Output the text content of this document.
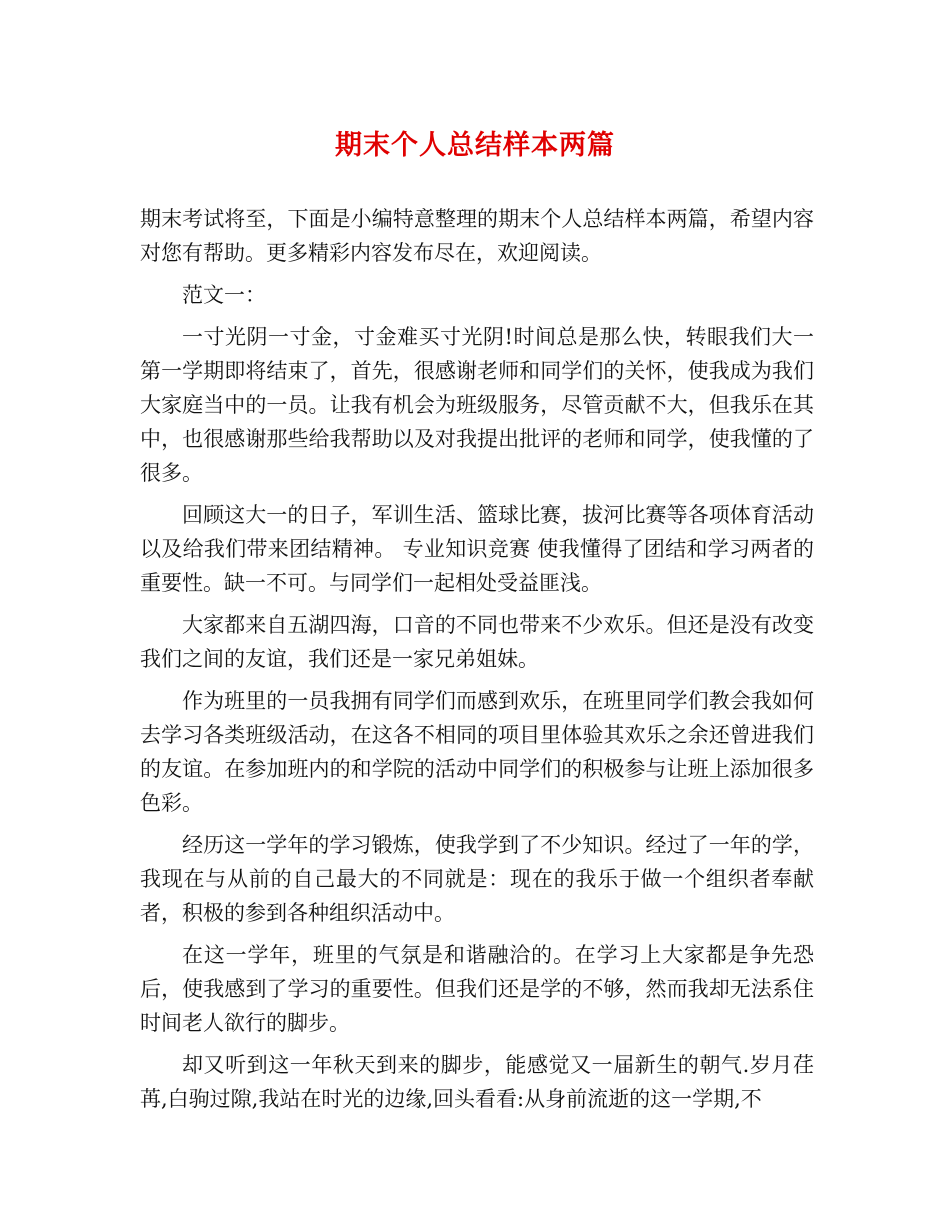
期末个人总结样本两篇

期末考试将至，下面是小编特意整理的期末个人总结样本两篇，希望内容对您有帮助。更多精彩内容发布尽在，欢迎阅读。

范文一：

一寸光阴一寸金，寸金难买寸光阴!时间总是那么快，转眼我们大一第一学期即将结束了，首先，很感谢老师和同学们的关怀，使我成为我们大家庭当中的一员。让我有机会为班级服务，尽管贡献不大，但我乐在其中，也很感谢那些给我帮助以及对我提出批评的老师和同学，使我懂的了很多。

回顾这大一的日子，军训生活、篮球比赛，拔河比赛等各项体育活动以及给我们带来团结精神。 专业知识竞赛 使我懂得了团结和学习两者的重要性。缺一不可。与同学们一起相处受益匪浅。

大家都来自五湖四海，口音的不同也带来不少欢乐。但还是没有改变我们之间的友谊，我们还是一家兄弟姐妹。

作为班里的一员我拥有同学们而感到欢乐，在班里同学们教会我如何去学习各类班级活动，在这各不相同的项目里体验其欢乐之余还曾进我们的友谊。在参加班内的和学院的活动中同学们的积极参与让班上添加很多色彩。

经历这一学年的学习锻炼，使我学到了不少知识。经过了一年的学，我现在与从前的自己最大的不同就是：现在的我乐于做一个组织者奉献者，积极的参到各种组织活动中。

在这一学年，班里的气氛是和谐融洽的。在学习上大家都是争先恐后，使我感到了学习的重要性。但我们还是学的不够，然而我却无法系住时间老人欲行的脚步。

却又听到这一年秋天到来的脚步，能感觉又一届新生的朝气.岁月荏苒,白驹过隙,我站在时光的边缘,回头看看:从身前流逝的这一学期,不
